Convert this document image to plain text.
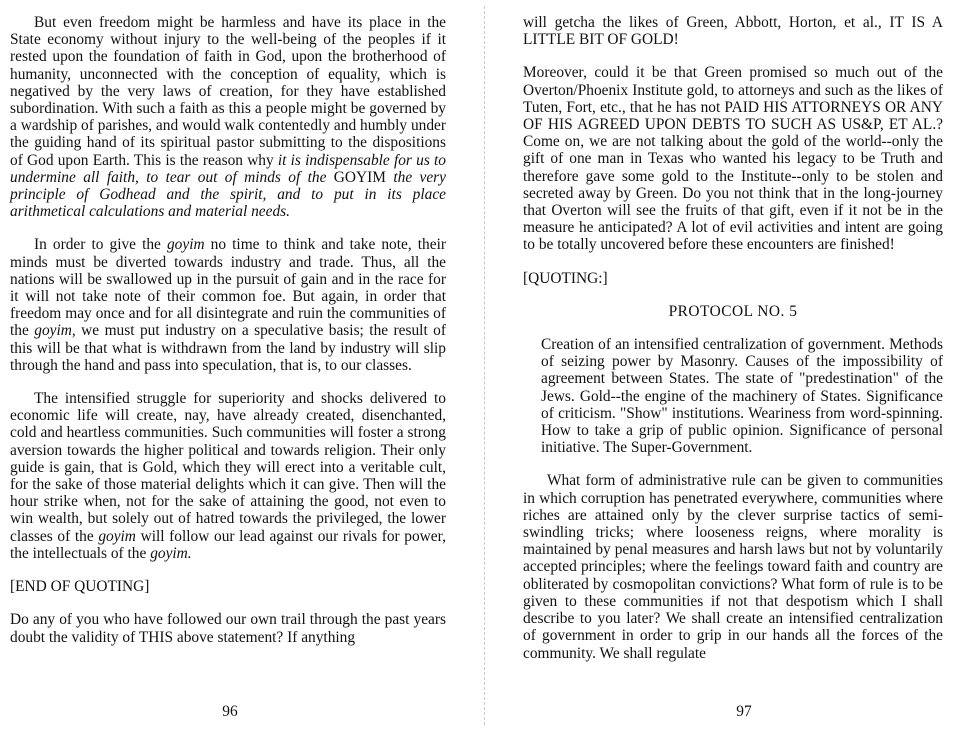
But even freedom might be harmless and have its place in the State economy without injury to the well-being of the peoples if it rested upon the foundation of faith in God, upon the brotherhood of humanity, unconnected with the conception of equality, which is negatived by the very laws of creation, for they have established subordination. With such a faith as this a people might be governed by a wardship of parishes, and would walk contentedly and humbly under the guiding hand of its spiritual pastor submitting to the dispositions of God upon Earth. This is the reason why it is indispensable for us to undermine all faith, to tear out of minds of the GOYIM the very principle of Godhead and the spirit, and to put in its place arithmetical calculations and material needs.

In order to give the goyim no time to think and take note, their minds must be diverted towards industry and trade. Thus, all the nations will be swallowed up in the pursuit of gain and in the race for it will not take note of their common foe. But again, in order that freedom may once and for all disintegrate and ruin the communities of the goyim, we must put industry on a speculative basis; the result of this will be that what is withdrawn from the land by industry will slip through the hand and pass into speculation, that is, to our classes.

The intensified struggle for superiority and shocks delivered to economic life will create, nay, have already created, disenchanted, cold and heartless communities. Such communities will foster a strong aversion towards the higher political and towards religion. Their only guide is gain, that is Gold, which they will erect into a veritable cult, for the sake of those material delights which it can give. Then will the hour strike when, not for the sake of attaining the good, not even to win wealth, but solely out of hatred towards the privileged, the lower classes of the goyim will follow our lead against our rivals for power, the intellectuals of the goyim.

[END OF QUOTING]

Do any of you who have followed our own trail through the past years doubt the validity of THIS above statement? If anything

96

will getcha the likes of Green, Abbott, Horton, et al., IT IS A LITTLE BIT OF GOLD!

Moreover, could it be that Green promised so much out of the Overton/Phoenix Institute gold, to attorneys and such as the likes of Tuten, Fort, etc., that he has not PAID HIS ATTORNEYS OR ANY OF HIS AGREED UPON DEBTS TO SUCH AS US&P, ET AL.? Come on, we are not talking about the gold of the world--only the gift of one man in Texas who wanted his legacy to be Truth and therefore gave some gold to the Institute--only to be stolen and secreted away by Green. Do you not think that in the long-journey that Overton will see the fruits of that gift, even if it not be in the measure he anticipated? A lot of evil activities and intent are going to be totally uncovered before these encounters are finished!

[QUOTING:]

PROTOCOL NO. 5

Creation of an intensified centralization of government. Methods of seizing power by Masonry. Causes of the impossibility of agreement between States. The state of "predestination" of the Jews. Gold--the engine of the machinery of States. Significance of criticism. "Show" institutions. Weariness from word-spinning. How to take a grip of public opinion. Significance of personal initiative. The Super-Government.

What form of administrative rule can be given to communities in which corruption has penetrated everywhere, communities where riches are attained only by the clever surprise tactics of semi-swindling tricks; where looseness reigns, where morality is maintained by penal measures and harsh laws but not by voluntarily accepted principles; where the feelings toward faith and country are obliterated by cosmopolitan convictions? What form of rule is to be given to these communities if not that despotism which I shall describe to you later? We shall create an intensified centralization of government in order to grip in our hands all the forces of the community. We shall regulate

97
